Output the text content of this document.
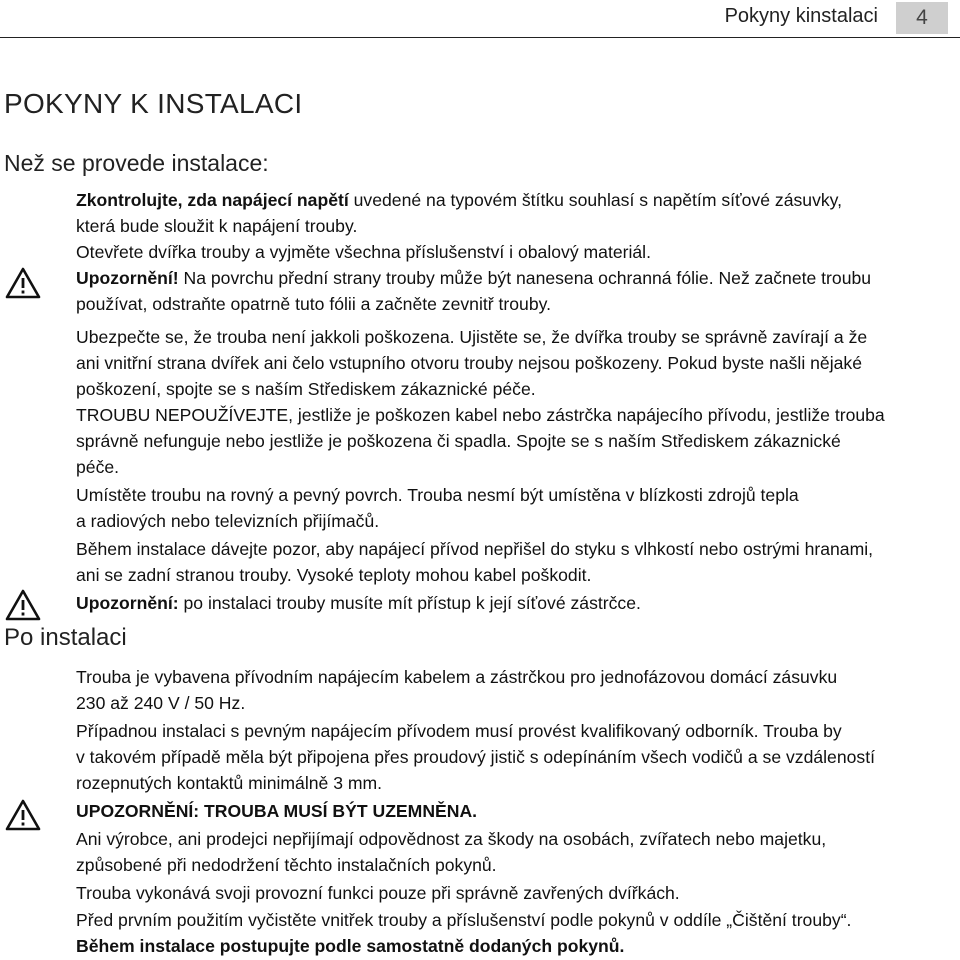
Pokyny kinstalaci	4
POKYNY K INSTALACI
Než se provede instalace:
Zkontrolujte, zda napájecí napětí uvedené na typovém štítku souhlasí s napětím síťové zásuvky,
která bude sloužit k napájení trouby.
Otevřete dvířka trouby a vyjměte všechna příslušenství i obalový materiál.
Upozornění! Na povrchu přední strany trouby může být nanesena ochranná fólie. Než začnete troubu
používat, odstraňte opatrně tuto fólii a začněte zevnitř trouby.
Ubezpečte se, že trouba není jakkoli poškozena. Ujistěte se, že dvířka trouby se správně zavírají a že
ani vnitřní strana dvířek ani čelo vstupního otvoru trouby nejsou poškozeny. Pokud byste našli nějaké
poškození, spojte se s naším Střediskem zákaznické péče.
TROUBU NEPOUŽÍVEJTE, jestliže je poškozen kabel nebo zástrčka napájecího přívodu, jestliže trouba
správně nefunguje nebo jestliže je poškozena či spadla. Spojte se s naším Střediskem zákaznické
péče.
Umístěte troubu na rovný a pevný povrch. Trouba nesmí být umístěna v blízkosti zdrojů tepla
a radiových nebo televizních přijímačů.
Během instalace dávejte pozor, aby napájecí přívod nepřišel do styku s vlhkostí nebo ostrými hranami,
ani se zadní stranou trouby. Vysoké teploty mohou kabel poškodit.
Upozornění: po instalaci trouby musíte mít přístup k její síťové zástrčce.
Po instalaci
Trouba je vybavena přívodním napájecím kabelem a zástrčkou pro jednofázovou domácí zásuvku
230 až 240 V / 50 Hz.
Případnou instalaci s pevným napájecím přívodem musí provést kvalifikovaný odborník. Trouba by
v takovém případě měla být připojena přes proudový jistič s odepínáním všech vodičů a se vzdáleností
rozepnutých kontaktů minimálně 3 mm.
UPOZORNĚNÍ: TROUBA MUSÍ BÝT UZEMNĚNA.
Ani výrobce, ani prodejci nepřijímají odpovědnost za škody na osobách, zvířatech nebo majetku,
způsobené při nedodržení těchto instalačních pokynů.
Trouba vykonává svoji provozní funkci pouze při správně zavřených dvířkách.
Před prvním použitím vyčistěte vnitřek trouby a příslušenství podle pokynů v oddíle „Čištění trouby“.
Během instalace postupujte podle samostatně dodaných pokynů.
